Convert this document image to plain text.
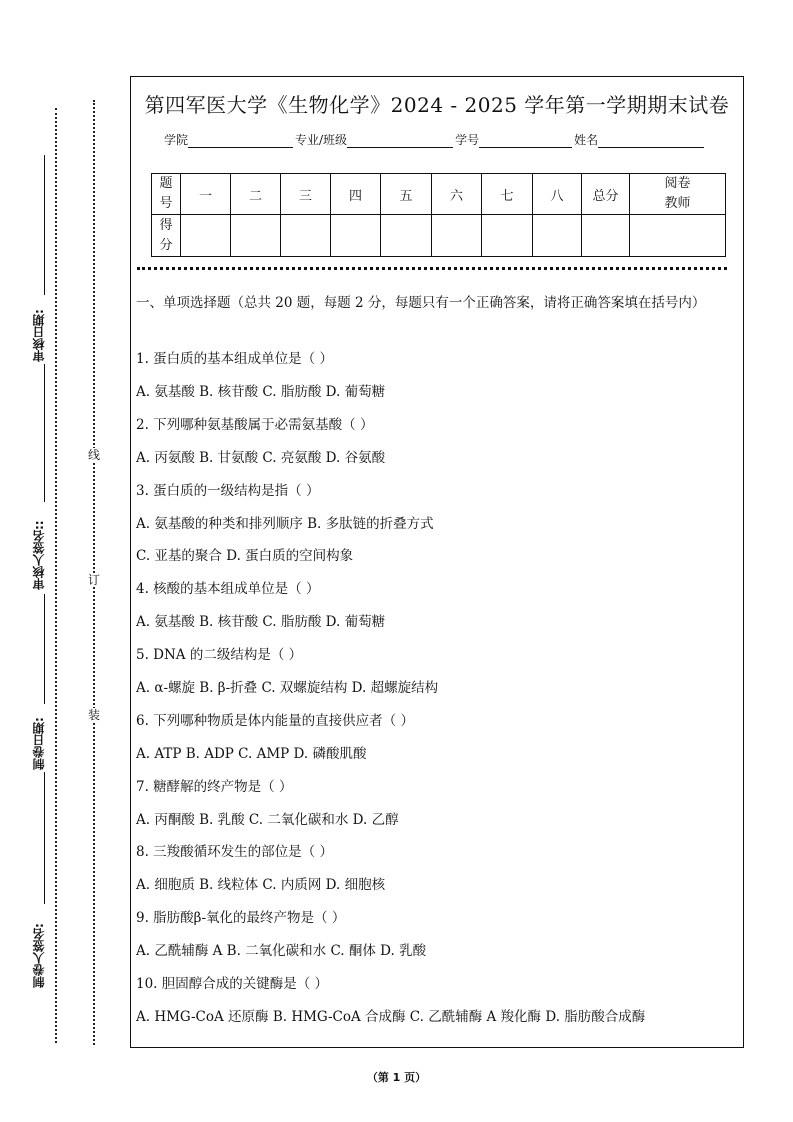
审核日期:
审核人签名::
制卷日期:
制卷人签名:
线
订
装
第四军医大学《生物化学》2024 - 2025 学年第一学期期末试卷
学院	专业/班级	学号	姓名
题号	一	二	三	四	五	六	七	八	总分	阅卷教师
得分										
一、单项选择题（总共 20 题，每题 2 分，每题只有一个正确答案，请将正确答案填在括号内）
1. 蛋白质的基本组成单位是（ ）
A. 氨基酸 B. 核苷酸 C. 脂肪酸 D. 葡萄糖
2. 下列哪种氨基酸属于必需氨基酸（ ）
A. 丙氨酸 B. 甘氨酸 C. 亮氨酸 D. 谷氨酸
3. 蛋白质的一级结构是指（ ）
A. 氨基酸的种类和排列顺序 B. 多肽链的折叠方式
C. 亚基的聚合 D. 蛋白质的空间构象
4. 核酸的基本组成单位是（ ）
A. 氨基酸 B. 核苷酸 C. 脂肪酸 D. 葡萄糖
5. DNA 的二级结构是（ ）
A. α-螺旋 B. β-折叠 C. 双螺旋结构 D. 超螺旋结构
6. 下列哪种物质是体内能量的直接供应者（ ）
A. ATP B. ADP C. AMP D. 磷酸肌酸
7. 糖酵解的终产物是（ ）
A. 丙酮酸 B. 乳酸 C. 二氧化碳和水 D. 乙醇
8. 三羧酸循环发生的部位是（ ）
A. 细胞质 B. 线粒体 C. 内质网 D. 细胞核
9. 脂肪酸β-氧化的最终产物是（ ）
A. 乙酰辅酶 A B. 二氧化碳和水 C. 酮体 D. 乳酸
10. 胆固醇合成的关键酶是（ ）
A. HMG-CoA 还原酶 B. HMG-CoA 合成酶 C. 乙酰辅酶 A 羧化酶 D. 脂肪酸合成酶
（第 1 页）
